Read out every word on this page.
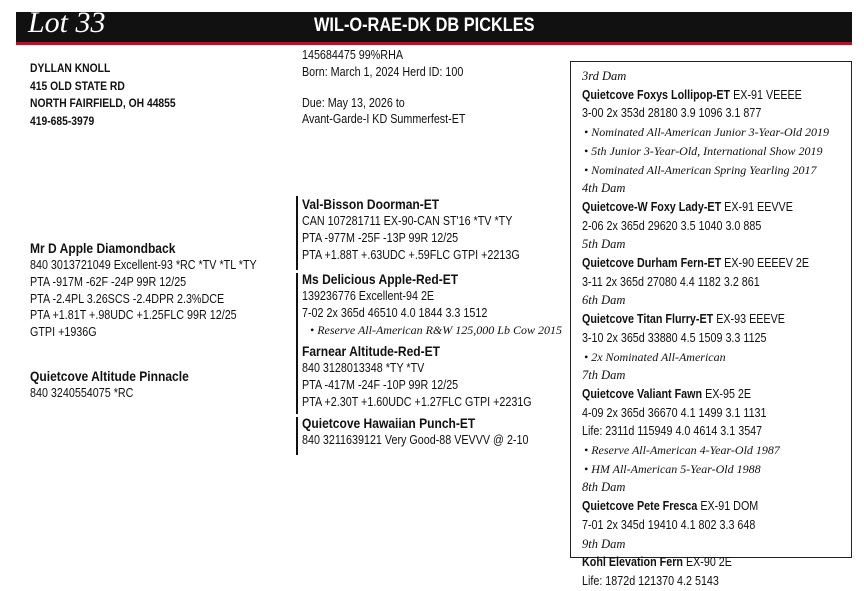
Lot 33	WIL-O-RAE-DK DB PICKLES
DYLLAN KNOLL
415 OLD STATE RD
NORTH FAIRFIELD, OH 44855
419-685-3979
145684475 99%RHA
Born: March 1, 2024 Herd ID: 100
Due: May 13, 2026 to
Avant-Garde-I KD Summerfest-ET
Mr D Apple Diamondback
840 3013721049 Excellent-93 *RC *TV *TL *TY
PTA -917M -62F -24P 99R 12/25
PTA -2.4PL 3.26SCS -2.4DPR 2.3%DCE
PTA +1.81T +.98UDC +1.25FLC 99R 12/25
GTPI +1936G
Quietcove Altitude Pinnacle
840 3240554075 *RC
Val-Bisson Doorman-ET
CAN 107281711 EX-90-CAN ST'16 *TV *TY
PTA -977M -25F -13P 99R 12/25
PTA +1.88T +.63UDC +.59FLC GTPI +2213G
Ms Delicious Apple-Red-ET
139236776 Excellent-94 2E
7-02 2x 365d 46510 4.0 1844 3.3 1512
• Reserve All-American R&W 125,000 Lb Cow 2015
Farnear Altitude-Red-ET
840 3128013348 *TY *TV
PTA -417M -24F -10P 99R 12/25
PTA +2.30T +1.60UDC +1.27FLC GTPI +2231G
Quietcove Hawaiian Punch-ET
840 3211639121 Very Good-88 VEVVV @ 2-10
3rd Dam
Quietcove Foxys Lollipop-ET EX-91 VEEEE
3-00 2x 353d 28180 3.9 1096 3.1 877
• Nominated All-American Junior 3-Year-Old 2019
• 5th Junior 3-Year-Old, International Show 2019
• Nominated All-American Spring Yearling 2017
4th Dam
Quietcove-W Foxy Lady-ET EX-91 EEVVE
2-06 2x 365d 29620 3.5 1040 3.0 885
5th Dam
Quietcove Durham Fern-ET EX-90 EEEEV 2E
3-11 2x 365d 27080 4.4 1182 3.2 861
6th Dam
Quietcove Titan Flurry-ET EX-93 EEEVE
3-10 2x 365d 33880 4.5 1509 3.3 1125
• 2x Nominated All-American
7th Dam
Quietcove Valiant Fawn EX-95 2E
4-09 2x 365d 36670 4.1 1499 3.1 1131
Life: 2311d 115949 4.0 4614 3.1 3547
• Reserve All-American 4-Year-Old 1987
• HM All-American 5-Year-Old 1988
8th Dam
Quietcove Pete Fresca EX-91 DOM
7-01 2x 345d 19410 4.1 802 3.3 648
9th Dam
Kohl Elevation Fern EX-90 2E
Life: 1872d 121370 4.2 5143
